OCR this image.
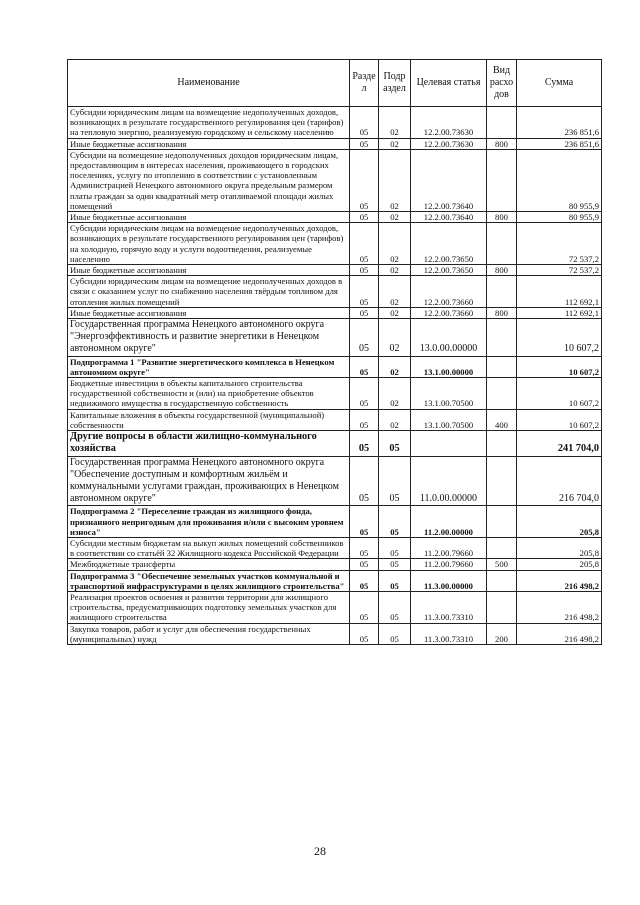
Наименование	Разде л	Подр аздел	Целевая статья	Вид расхо дов	Сумма
Субсидии юридическим лицам на возмещение недополученных доходов, возникающих в результате государственного регулирования цен (тарифов) на тепловую энергию, реализуемую городскому и сельскому населению	05	02	12.2.00.73630		236 851,6
Иные бюджетные ассигнования	05	02	12.2.00.73630	800	236 851,6
Субсидии на возмещение недополученных доходов юридическим лицам, предоставляющим в интересах населения, проживающего в городских поселениях, услугу по отоплению в соответствии с установленным Администрацией Ненецкого автономного округа предельным размером платы граждан за один квадратный метр отапливаемой площади жилых помещений	05	02	12.2.00.73640		80 955,9
Иные бюджетные ассигнования	05	02	12.2.00.73640	800	80 955,9
Субсидии юридическим лицам на возмещение недополученных доходов, возникающих в результате государственного регулирования цен (тарифов) на холодную, горячую воду и услуги водоотведения, реализуемые населению	05	02	12.2.00.73650		72 537,2
Иные бюджетные ассигнования	05	02	12.2.00.73650	800	72 537,2
Субсидии юридическим лицам на возмещение недополученных доходов в связи с оказанием услуг по снабжению населения твёрдым топливом для отопления жилых помещений	05	02	12.2.00.73660		112 692,1
Иные бюджетные ассигнования	05	02	12.2.00.73660	800	112 692,1
Государственная программа Ненецкого автономного округа "Энергоэффективность и развитие энергетики в Ненецком автономном округе"	05	02	13.0.00.00000		10 607,2
Подпрограмма 1 "Развитие энергетического комплекса в Ненецком автономном округе"	05	02	13.1.00.00000		10 607,2
Бюджетные инвестиции в объекты капитального строительства государственной собственности и (или) на приобретение объектов недвижимого имущества в государственную собственность	05	02	13.1.00.70500		10 607,2
Капитальные вложения в объекты государственной (муниципальной) собственности	05	02	13.1.00.70500	400	10 607,2
Другие вопросы в области жилищно-коммунального хозяйства	05	05			241 704,0
Государственная программа Ненецкого автономного округа "Обеспечение доступным и комфортным жильём и коммунальными услугами граждан, проживающих в Ненецком автономном округе"	05	05	11.0.00.00000		216 704,0
Подпрограмма 2 "Переселение граждан из жилищного фонда, признанного непригодным для проживания и/или с высоким уровнем износа"	05	05	11.2.00.00000		205,8
Субсидии местным бюджетам на выкуп жилых помещений собственников в соответствии со статьёй 32 Жилищного кодекса Российской Федерации	05	05	11.2.00.79660		205,8
Межбюджетные трансферты	05	05	11.2.00.79660	500	205,8
Подпрограмма 3 "Обеспечение земельных участков коммунальной и транспортной инфраструктурами в целях жилищного строительства"	05	05	11.3.00.00000		216 498,2
Реализация проектов освоения и развития территории для жилищного строительства, предусматривающих подготовку земельных участков для жилищного строительства	05	05	11.3.00.73310		216 498,2
Закупка товаров, работ и услуг для обеспечения государственных (муниципальных) нужд	05	05	11.3.00.73310	200	216 498,2
28
